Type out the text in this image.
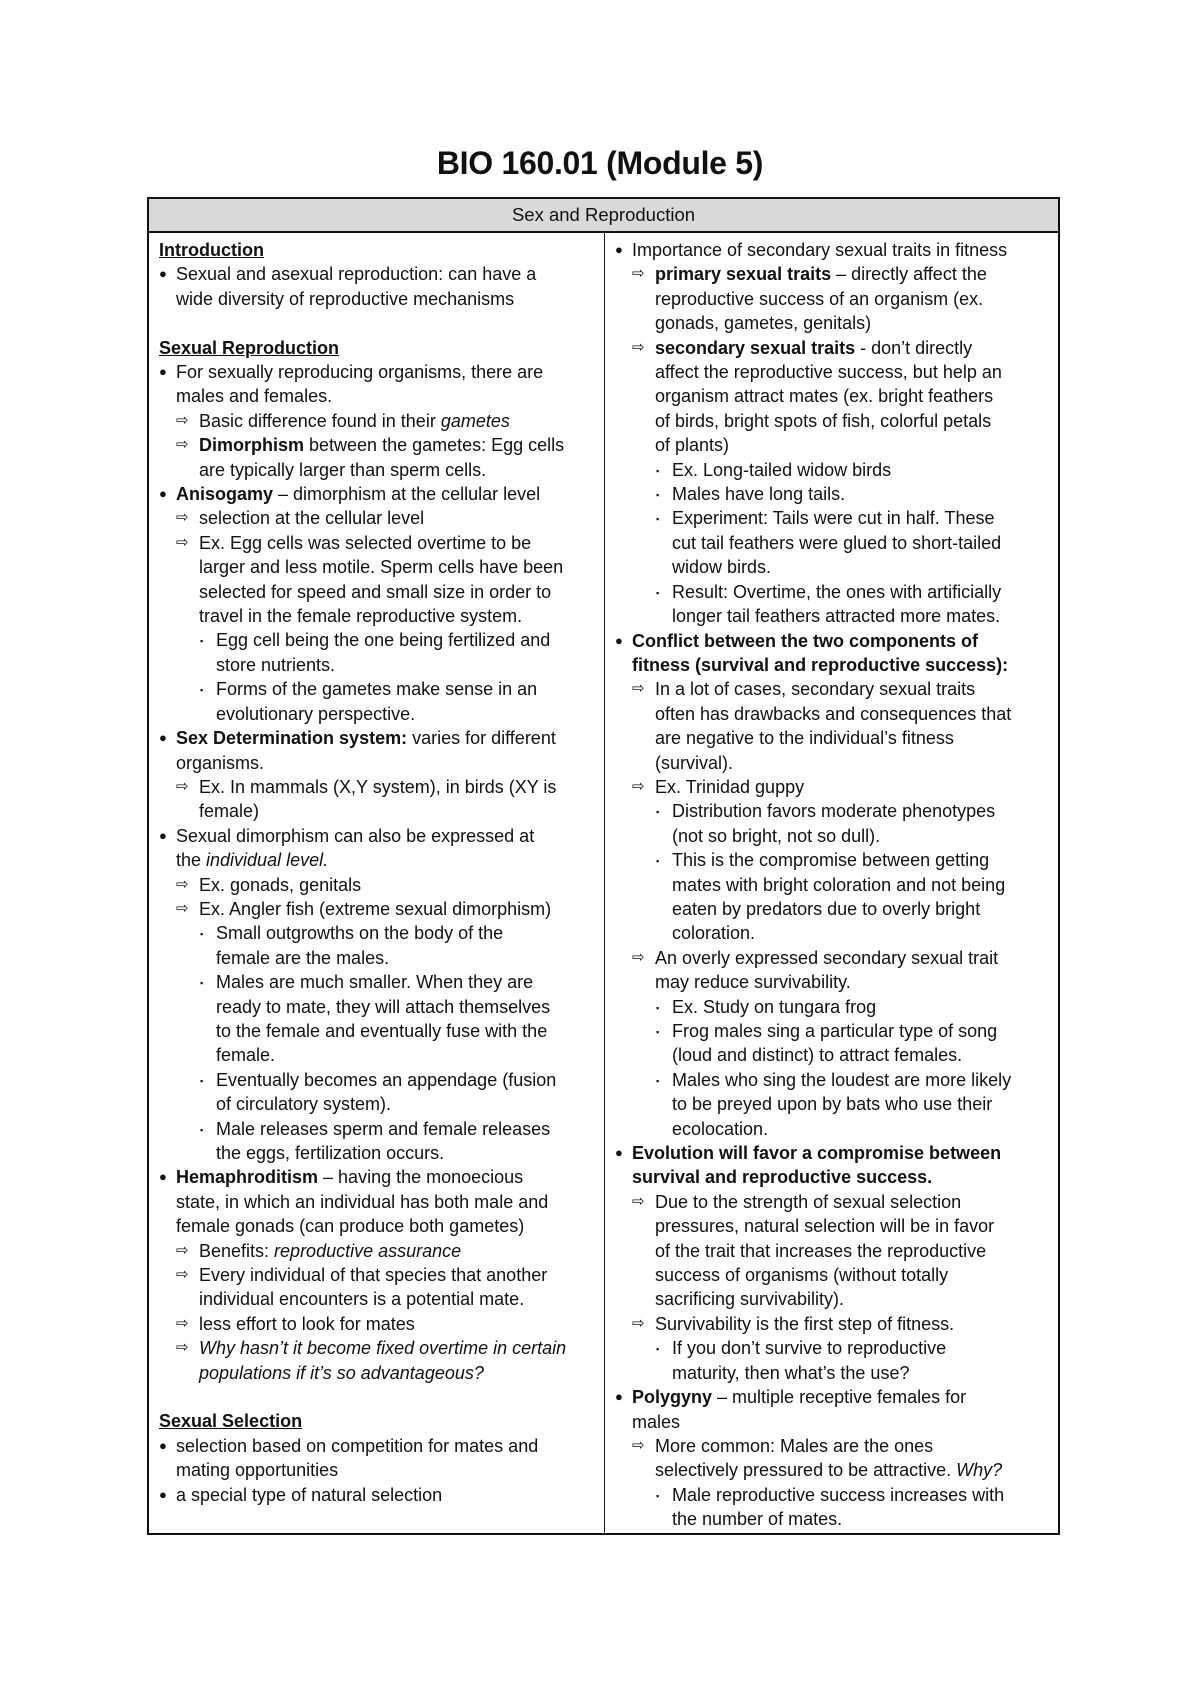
BIO 160.01 (Module 5)
Sex and Reproduction
Introduction
● Sexual and asexual reproduction: can have a
wide diversity of reproductive mechanisms
Sexual Reproduction
● For sexually reproducing organisms, there are
males and females.
⇨ Basic difference found in their gametes
⇨ Dimorphism between the gametes: Egg cells
are typically larger than sperm cells.
● Anisogamy – dimorphism at the cellular level
⇨ selection at the cellular level
⇨ Ex. Egg cells was selected overtime to be
larger and less motile. Sperm cells have been
selected for speed and small size in order to
travel in the female reproductive system.
▪ Egg cell being the one being fertilized and
store nutrients.
▪ Forms of the gametes make sense in an
evolutionary perspective.
● Sex Determination system: varies for different
organisms.
⇨ Ex. In mammals (X,Y system), in birds (XY is
female)
● Sexual dimorphism can also be expressed at
the individual level.
⇨ Ex. gonads, genitals
⇨ Ex. Angler fish (extreme sexual dimorphism)
▪ Small outgrowths on the body of the
female are the males.
▪ Males are much smaller. When they are
ready to mate, they will attach themselves
to the female and eventually fuse with the
female.
▪ Eventually becomes an appendage (fusion
of circulatory system).
▪ Male releases sperm and female releases
the eggs, fertilization occurs.
● Hemaphroditism – having the monoecious
state, in which an individual has both male and
female gonads (can produce both gametes)
⇨ Benefits: reproductive assurance
⇨ Every individual of that species that another
individual encounters is a potential mate.
⇨ less effort to look for mates
⇨ Why hasn’t it become fixed overtime in certain
populations if it’s so advantageous?
Sexual Selection
● selection based on competition for mates and
mating opportunities
● a special type of natural selection
● Importance of secondary sexual traits in fitness
⇨ primary sexual traits – directly affect the
reproductive success of an organism (ex.
gonads, gametes, genitals)
⇨ secondary sexual traits - don’t directly
affect the reproductive success, but help an
organism attract mates (ex. bright feathers
of birds, bright spots of fish, colorful petals
of plants)
▪ Ex. Long-tailed widow birds
▪ Males have long tails.
▪ Experiment: Tails were cut in half. These
cut tail feathers were glued to short-tailed
widow birds.
▪ Result: Overtime, the ones with artificially
longer tail feathers attracted more mates.
● Conflict between the two components of
fitness (survival and reproductive success):
⇨ In a lot of cases, secondary sexual traits
often has drawbacks and consequences that
are negative to the individual’s fitness
(survival).
⇨ Ex. Trinidad guppy
▪ Distribution favors moderate phenotypes
(not so bright, not so dull).
▪ This is the compromise between getting
mates with bright coloration and not being
eaten by predators due to overly bright
coloration.
⇨ An overly expressed secondary sexual trait
may reduce survivability.
▪ Ex. Study on tungara frog
▪ Frog males sing a particular type of song
(loud and distinct) to attract females.
▪ Males who sing the loudest are more likely
to be preyed upon by bats who use their
ecolocation.
● Evolution will favor a compromise between
survival and reproductive success.
⇨ Due to the strength of sexual selection
pressures, natural selection will be in favor
of the trait that increases the reproductive
success of organisms (without totally
sacrificing survivability).
⇨ Survivability is the first step of fitness.
▪ If you don’t survive to reproductive
maturity, then what’s the use?
● Polygyny – multiple receptive females for
males
⇨ More common: Males are the ones
selectively pressured to be attractive. Why?
▪ Male reproductive success increases with
the number of mates.
